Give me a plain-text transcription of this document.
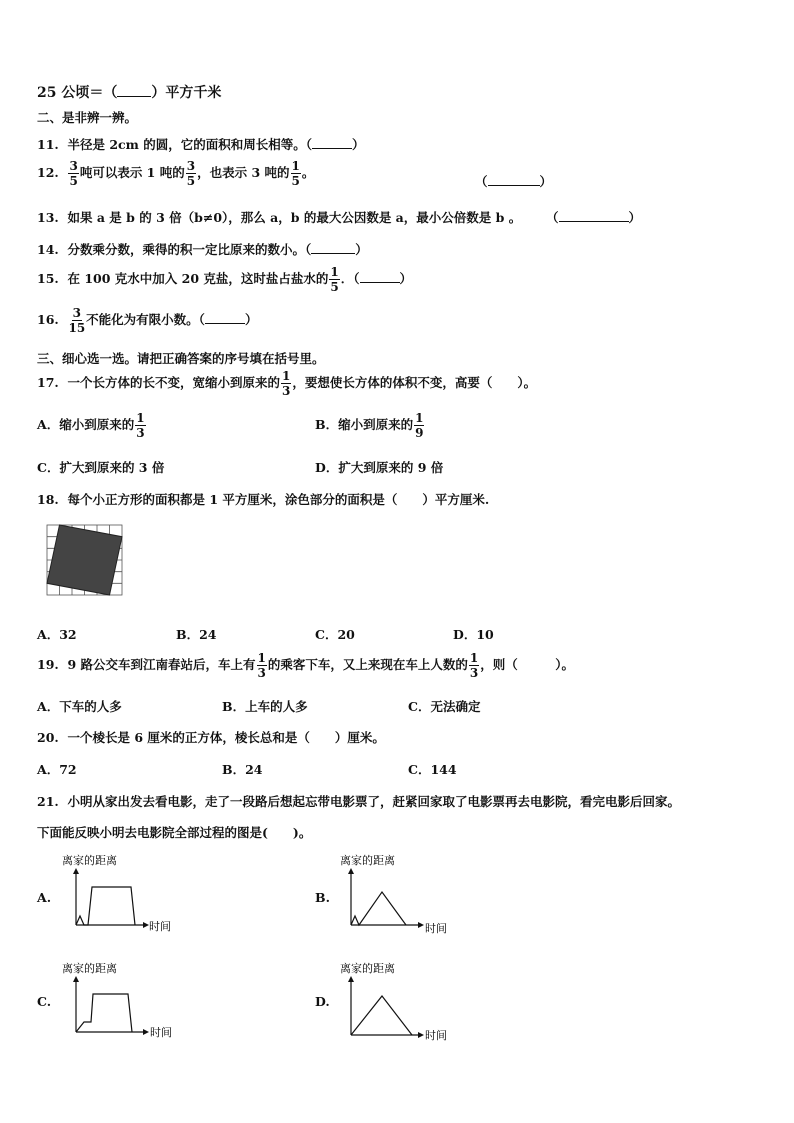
25 公顷＝（ ）平方千米
二、是非辨一辨。
11. 半径是 2cm 的圆，它的面积和周长相等。（	）
12. $\frac{3}{5}$ 吨可以表示 1 吨的 $\frac{3}{5}$ ，也表示 3 吨的 $\frac{1}{5}$ 。
（	）
13. 如果 a 是 b 的 3 倍（b≠0），那么 a，b 的最大公因数是 a，最小公倍数是 b 。 （	）
14. 分数乘分数，乘得的积一定比原来的数小。（	）
15. 在 100 克水中加入 20 克盐，这时盐占盐水的 $\frac{1}{5}$ ．（	）
16. $\frac{3}{15}$ 不能化为有限小数。（	）
三、细心选一选。请把正确答案的序号填在括号里。
17. 一个长方体的长不变，宽缩小到原来的 $\frac{1}{3}$ ，要想使长方体的体积不变，高要（　　）。
A．缩小到原来的 $\frac{1}{3}$	B．缩小到原来的 $\frac{1}{9}$
C．扩大到原来的 3 倍	D．扩大到原来的 9 倍
18. 每个小正方形的面积都是 1 平方厘米，涂色部分的面积是（　　）平方厘米.
A．32	B．24	C．20	D．10
19. 9 路公交车到江南春站后，车上有 $\frac{1}{3}$ 的乘客下车，又上来现在车上人数的 $\frac{1}{3}$ ，则（　　　）。
A．下车的人多	B．上车的人多	C．无法确定
20. 一个棱长是 6 厘米的正方体，棱长总和是（　　）厘米。
A．72	B．24	C．144
21. 小明从家出发去看电影，走了一段路后想起忘带电影票了，赶紧回家取了电影票再去电影院，看完电影后回家。
下面能反映小明去电影院全部过程的图是(　　)。
A.
离家的距离
时间
B.
离家的距离
时间
C.
离家的距离
时间
D.
离家的距离
时间
